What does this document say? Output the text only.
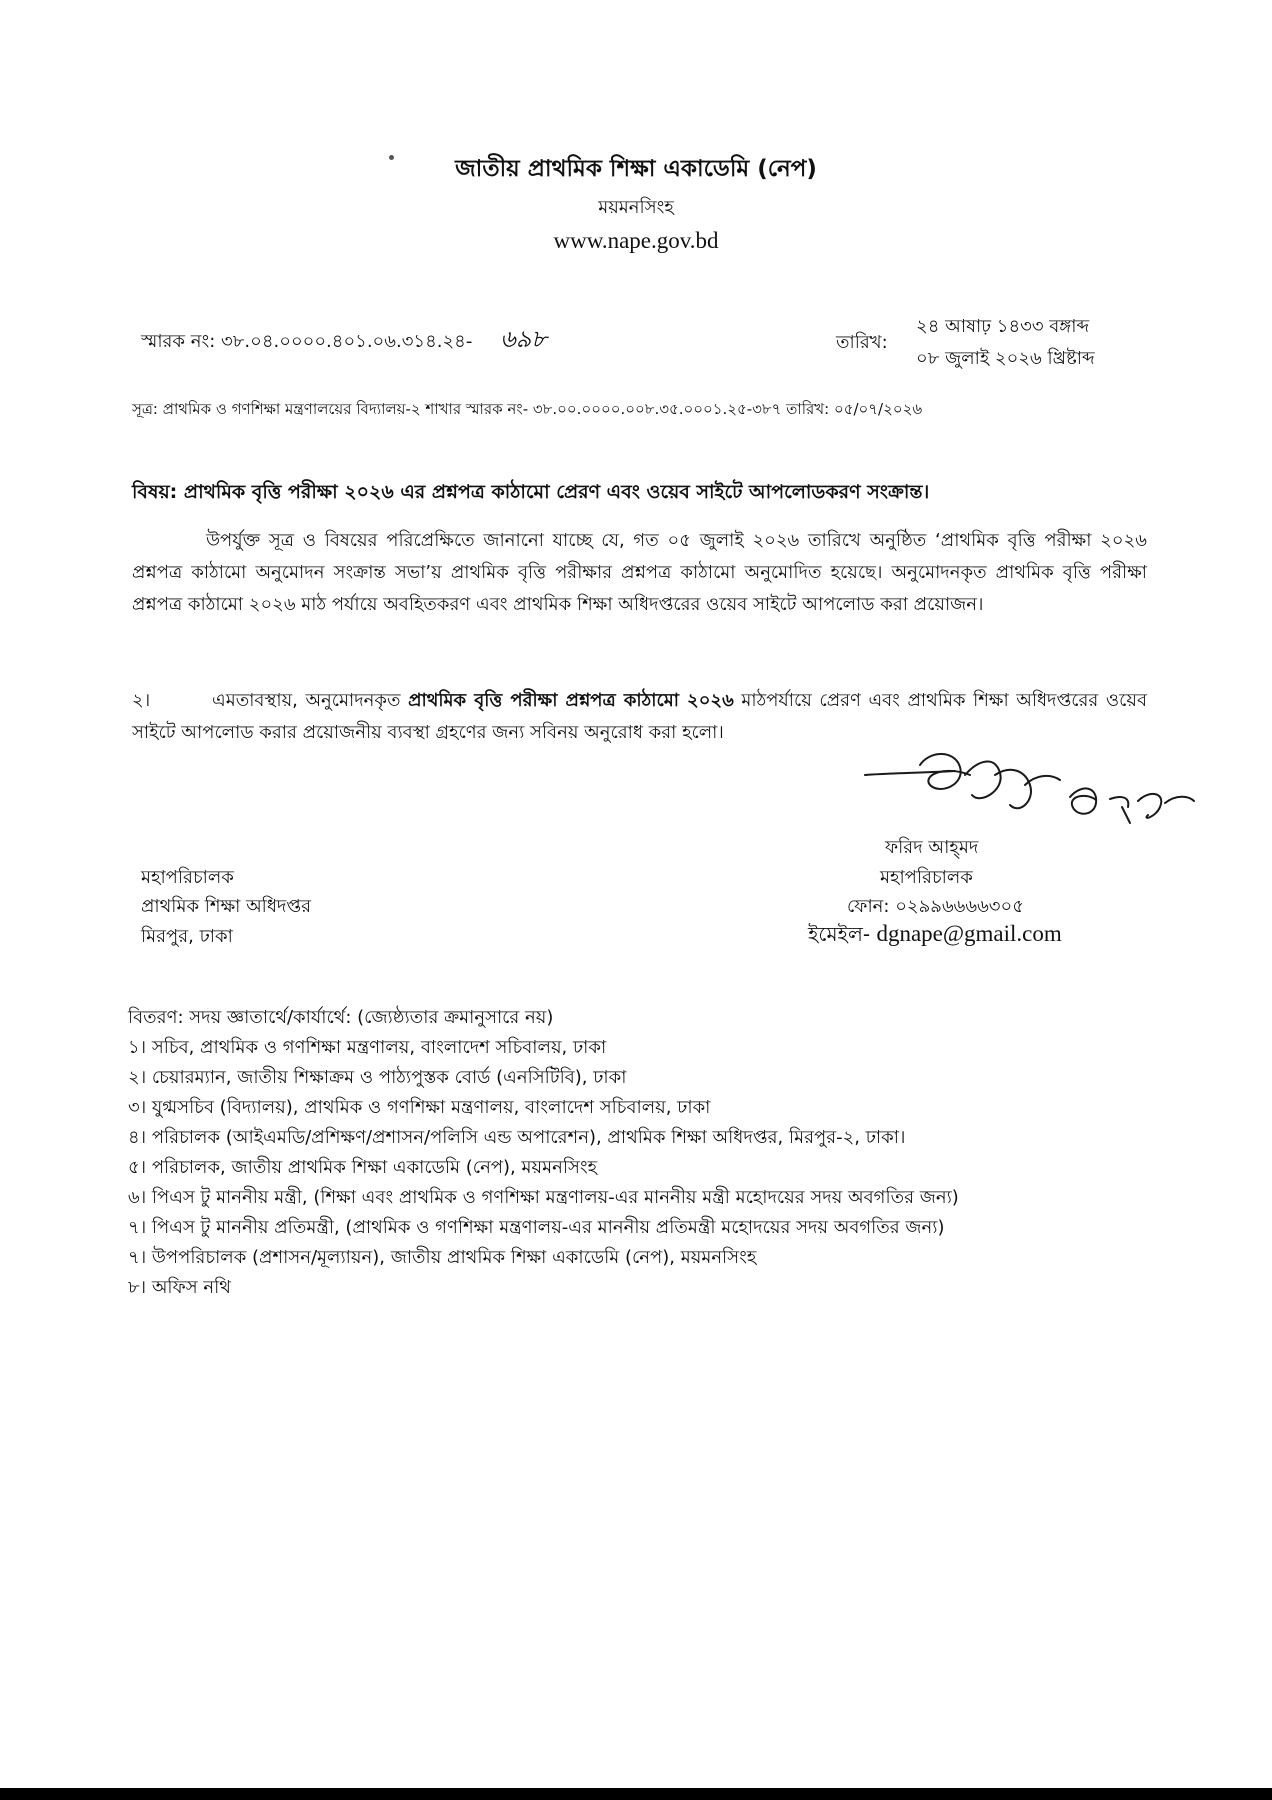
জাতীয় প্রাথমিক শিক্ষা একাডেমি (নেপ)
ময়মনসিংহ
www.nape.gov.bd
স্মারক নং: ৩৮.০৪.০০০০.৪০১.০৬.৩১৪.২৪- ৬৯৮	তারিখ:
২৪ আষাঢ় ১৪৩৩ বঙ্গাব্দ
০৮ জুলাই ২০২৬ খ্রিষ্টাব্দ
সূত্র: প্রাথমিক ও গণশিক্ষা মন্ত্রণালয়ের বিদ্যালয়-২ শাখার স্মারক নং- ৩৮.০০.০০০০.০০৮.৩৫.০০০১.২৫-৩৮৭ তারিখ: ০৫/০৭/২০২৬
বিষয়: প্রাথমিক বৃত্তি পরীক্ষা ২০২৬ এর প্রশ্নপত্র কাঠামো প্রেরণ এবং ওয়েব সাইটে আপলোডকরণ সংক্রান্ত।
উপর্যুক্ত সূত্র ও বিষয়ের পরিপ্রেক্ষিতে জানানো যাচ্ছে যে, গত ০৫ জুলাই ২০২৬ তারিখে অনুষ্ঠিত ‘প্রাথমিক বৃত্তি পরীক্ষা ২০২৬ প্রশ্নপত্র কাঠামো অনুমোদন সংক্রান্ত সভা’য় প্রাথমিক বৃত্তি পরীক্ষার প্রশ্নপত্র কাঠামো অনুমোদিত হয়েছে। অনুমোদনকৃত প্রাথমিক বৃত্তি পরীক্ষা প্রশ্নপত্র কাঠামো ২০২৬ মাঠ পর্যায়ে অবহিতকরণ এবং প্রাথমিক শিক্ষা অধিদপ্তরের ওয়েব সাইটে আপলোড করা প্রয়োজন।
২।	এমতাবস্থায়, অনুমোদনকৃত প্রাথমিক বৃত্তি পরীক্ষা প্রশ্নপত্র কাঠামো ২০২৬ মাঠপর্যায়ে প্রেরণ এবং প্রাথমিক শিক্ষা অধিদপ্তরের ওয়েব সাইটে আপলোড করার প্রয়োজনীয় ব্যবস্থা গ্রহণের জন্য সবিনয় অনুরোধ করা হলো।
ফরিদ আহ্‌মদ
মহাপরিচালক
ফোন: ০২৯৯৬৬৬৬৩০৫
ইমেইল- dgnape@gmail.com
মহাপরিচালক
প্রাথমিক শিক্ষা অধিদপ্তর
মিরপুর, ঢাকা
বিতরণ: সদয় জ্ঞাতার্থে/কার্যার্থে: (জ্যেষ্ঠ্যতার ক্রমানুসারে নয়)
১। সচিব, প্রাথমিক ও গণশিক্ষা মন্ত্রণালয়, বাংলাদেশ সচিবালয়, ঢাকা
২। চেয়ারম্যান, জাতীয় শিক্ষাক্রম ও পাঠ্যপুস্তক বোর্ড (এনসিটিবি), ঢাকা
৩। যুগ্মসচিব (বিদ্যালয়), প্রাথমিক ও গণশিক্ষা মন্ত্রণালয়, বাংলাদেশ সচিবালয়, ঢাকা
৪। পরিচালক (আইএমডি/প্রশিক্ষণ/প্রশাসন/পলিসি এন্ড অপারেশন), প্রাথমিক শিক্ষা অধিদপ্তর, মিরপুর-২, ঢাকা।
৫। পরিচালক, জাতীয় প্রাথমিক শিক্ষা একাডেমি (নেপ), ময়মনসিংহ
৬। পিএস টু মাননীয় মন্ত্রী, (শিক্ষা এবং প্রাথমিক ও গণশিক্ষা মন্ত্রণালয়-এর মাননীয় মন্ত্রী মহোদয়ের সদয় অবগতির জন্য)
৭। পিএস টু মাননীয় প্রতিমন্ত্রী, (প্রাথমিক ও গণশিক্ষা মন্ত্রণালয়-এর মাননীয় প্রতিমন্ত্রী মহোদয়ের সদয় অবগতির জন্য)
৭। উপপরিচালক (প্রশাসন/মূল্যায়ন), জাতীয় প্রাথমিক শিক্ষা একাডেমি (নেপ), ময়মনসিংহ
৮। অফিস নথি
